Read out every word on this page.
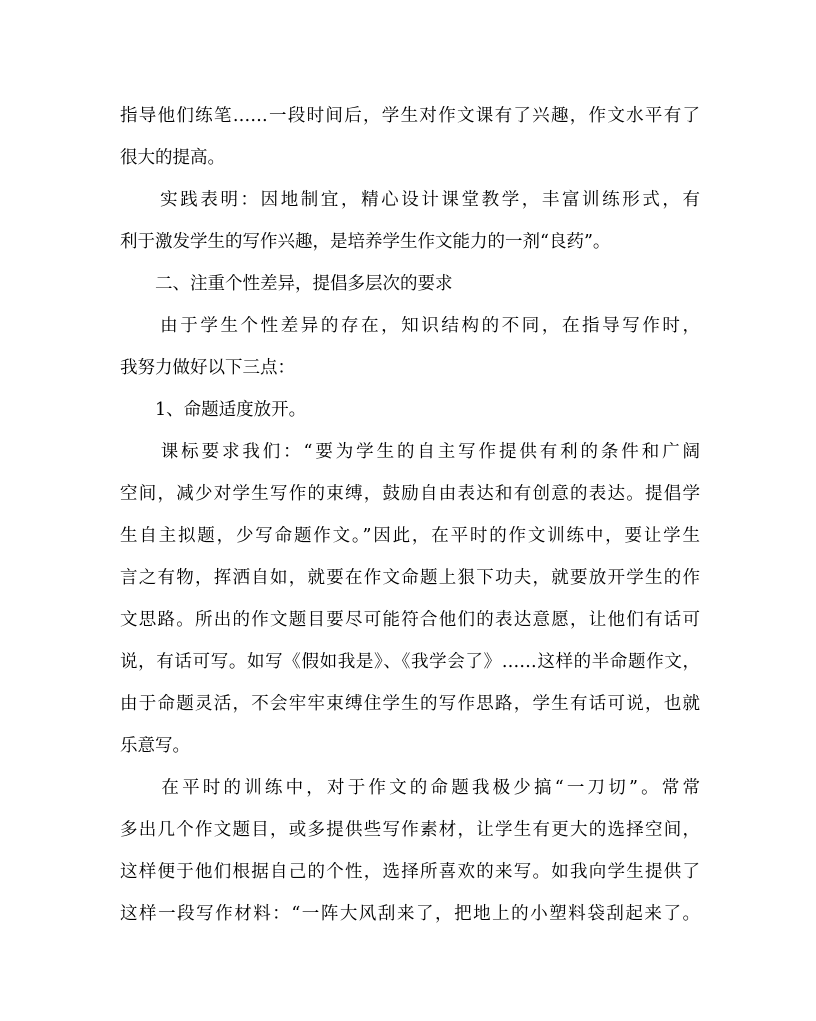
指导他们练笔……一段时间后，学生对作文课有了兴趣，作文水平有了
很大的提高。
　　实践表明：因地制宜，精心设计课堂教学，丰富训练形式，有
利于激发学生的写作兴趣，是培养学生作文能力的一剂“良药”。
　　二、注重个性差异，提倡多层次的要求
　　由于学生个性差异的存在，知识结构的不同，在指导写作时，
我努力做好以下三点：
　　1、命题适度放开。
　　课标要求我们：“要为学生的自主写作提供有利的条件和广阔
空间，减少对学生写作的束缚，鼓励自由表达和有创意的表达。提倡学
生自主拟题，少写命题作文。”因此，在平时的作文训练中，要让学生
言之有物，挥洒自如，就要在作文命题上狠下功夫，就要放开学生的作
文思路。所出的作文题目要尽可能符合他们的表达意愿，让他们有话可
说，有话可写。如写《假如我是》、《我学会了》……这样的半命题作文，
由于命题灵活，不会牢牢束缚住学生的写作思路，学生有话可说，也就
乐意写。
　　在平时的训练中，对于作文的命题我极少搞“一刀切”。常常
多出几个作文题目，或多提供些写作素材，让学生有更大的选择空间，
这样便于他们根据自己的个性，选择所喜欢的来写。如我向学生提供了
这样一段写作材料：“一阵大风刮来了，把地上的小塑料袋刮起来了。
